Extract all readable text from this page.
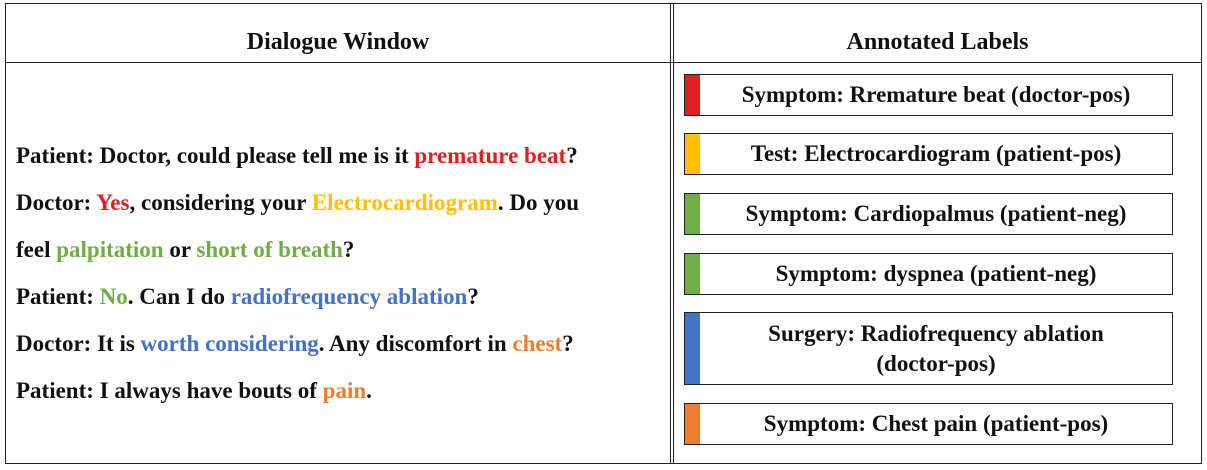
Dialogue Window	Annotated Labels
Patient: Doctor, could please tell me is it premature beat?
Doctor: Yes, considering your Electrocardiogram. Do you
feel palpitation or short of breath?
Patient: No. Can I do radiofrequency ablation?
Doctor: It is worth considering. Any discomfort in chest?
Patient: I always have bouts of pain.
Symptom: Rremature beat (doctor-pos)
Test: Electrocardiogram (patient-pos)
Symptom: Cardiopalmus (patient-neg)
Symptom: dyspnea (patient-neg)
Surgery: Radiofrequency ablation
(doctor-pos)
Symptom: Chest pain (patient-pos)
